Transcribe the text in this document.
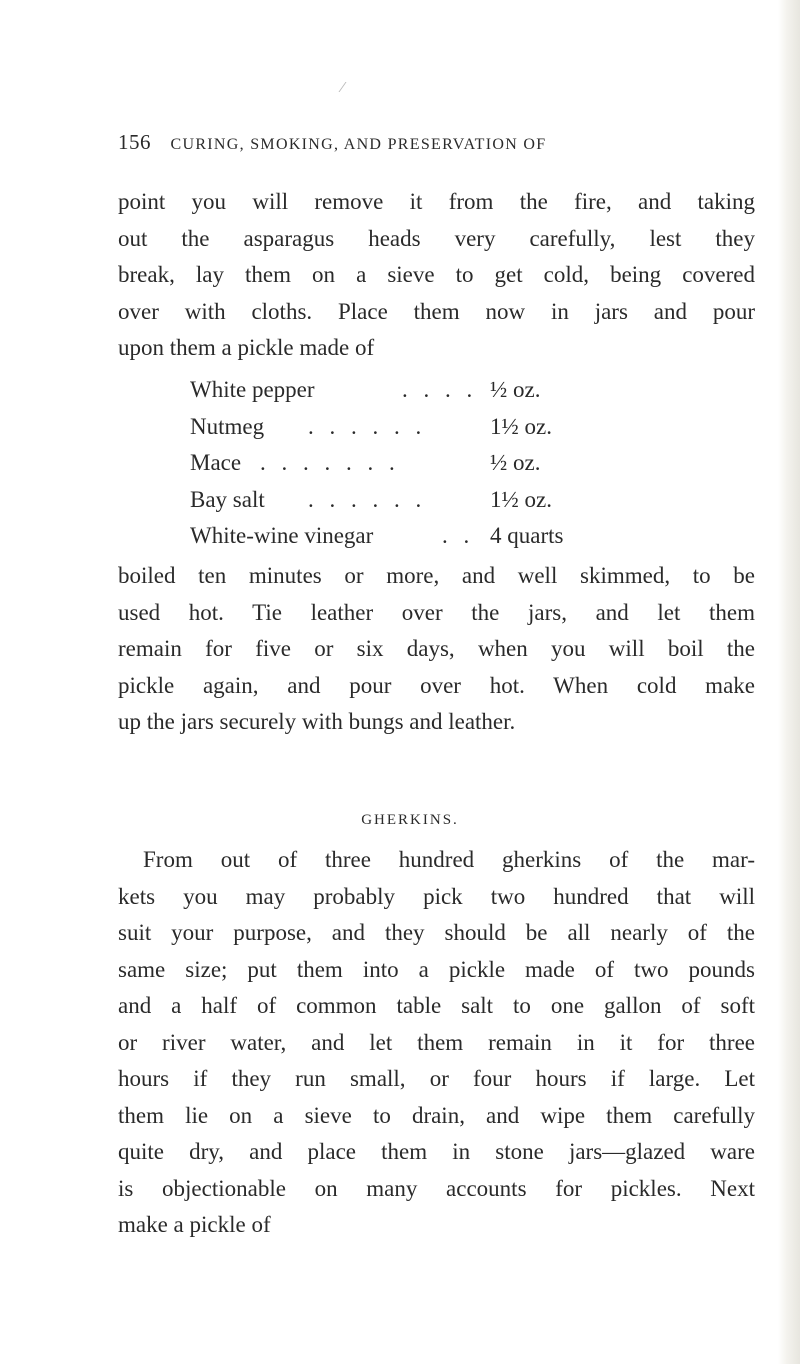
156 CURING, SMOKING, AND PRESERVATION OF
point you will remove it from the fire, and taking
out the asparagus heads very carefully, lest they
break, lay them on a sieve to get cold, being covered
over with cloths. Place them now in jars and pour
upon them a pickle made of
White pepper	. . . . ½ oz.
Nutmeg . . . . . .	1½ oz.
Mace . . . . . . .	½ oz.
Bay salt . . . . . .	1½ oz.
White-wine vinegar	. . 4 quarts
boiled ten minutes or more, and well skimmed, to be
used hot. Tie leather over the jars, and let them
remain for five or six days, when you will boil the
pickle again, and pour over hot. When cold make
up the jars securely with bungs and leather.
GHERKINS.
From out of three hundred gherkins of the mar-
kets you may probably pick two hundred that will
suit your purpose, and they should be all nearly of the
same size; put them into a pickle made of two pounds
and a half of common table salt to one gallon of soft
or river water, and let them remain in it for three
hours if they run small, or four hours if large. Let
them lie on a sieve to drain, and wipe them carefully
quite dry, and place them in stone jars—glazed ware
is objectionable on many accounts for pickles. Next
make a pickle of
